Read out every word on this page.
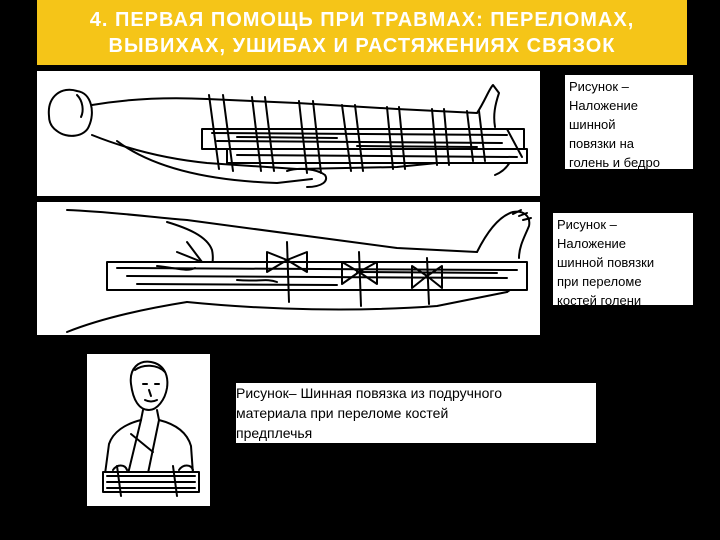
4. ПЕРВАЯ ПОМОЩЬ ПРИ ТРАВМАХ: ПЕРЕЛОМАХ,
ВЫВИХАХ, УШИБАХ И РАСТЯЖЕНИЯХ СВЯЗОК
Рисунок –
Наложение
шинной
повязки на
голень и бедро
Рисунок –
Наложение
шинной повязки
при переломе
костей голени
Рисунок– Шинная повязка из подручного
материала при переломе костей
предплечья
